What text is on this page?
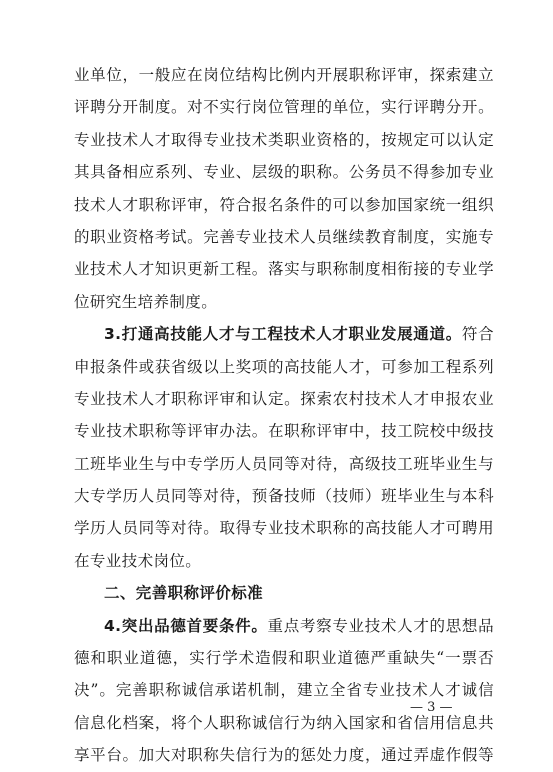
业单位，一般应在岗位结构比例内开展职称评审，探索建立
评聘分开制度。对不实行岗位管理的单位，实行评聘分开。
专业技术人才取得专业技术类职业资格的，按规定可以认定
其具备相应系列、专业、层级的职称。公务员不得参加专业
技术人才职称评审，符合报名条件的可以参加国家统一组织
的职业资格考试。完善专业技术人员继续教育制度，实施专
业技术人才知识更新工程。落实与职称制度相衔接的专业学
位研究生培养制度。
3.打通高技能人才与工程技术人才职业发展通道。符合
申报条件或获省级以上奖项的高技能人才，可参加工程系列
专业技术人才职称评审和认定。探索农村技术人才申报农业
专业技术职称等评审办法。在职称评审中，技工院校中级技
工班毕业生与中专学历人员同等对待，高级技工班毕业生与
大专学历人员同等对待，预备技师（技师）班毕业生与本科
学历人员同等对待。取得专业技术职称的高技能人才可聘用
在专业技术岗位。
二、完善职称评价标准
4.突出品德首要条件。重点考察专业技术人才的思想品
德和职业道德，实行学术造假和职业道德严重缺失“一票否
决”。完善职称诚信承诺机制，建立全省专业技术人才诚信
信息化档案，将个人职称诚信行为纳入国家和省信用信息共
享平台。加大对职称失信行为的惩处力度，通过弄虚作假等
— 3 —
